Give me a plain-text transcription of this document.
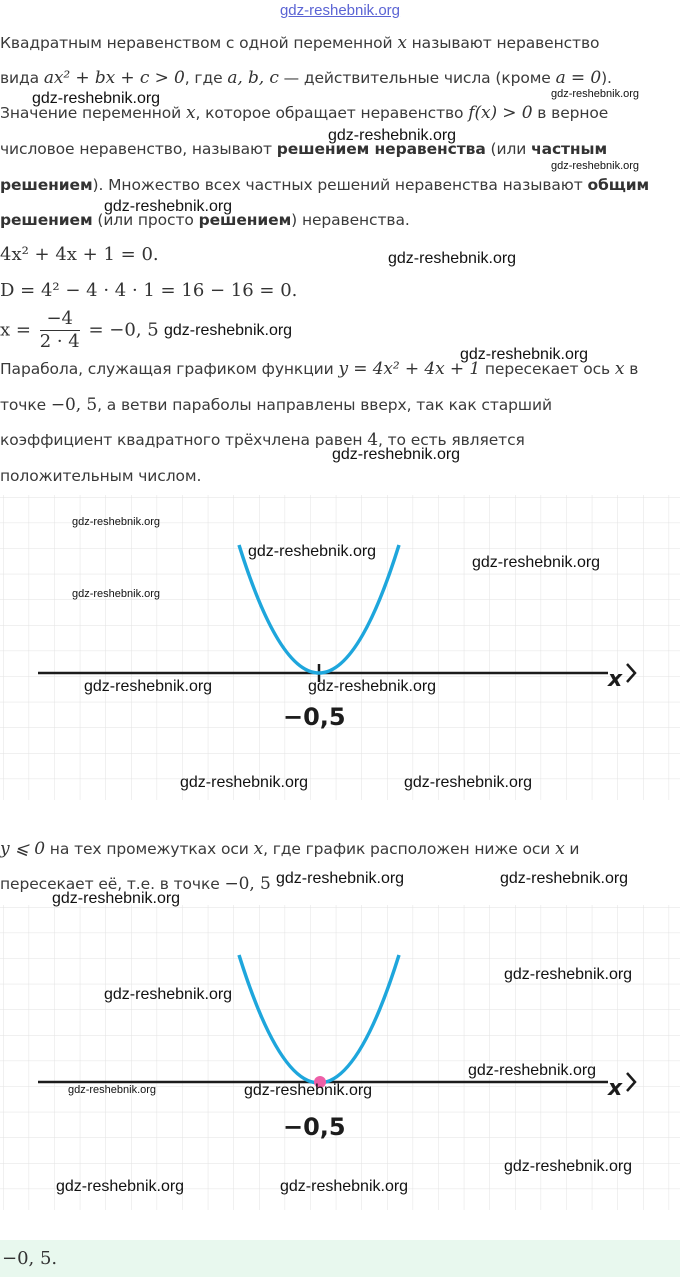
gdz-reshebnik.org
Квадратным неравенством с одной переменной x называют неравенство
вида ax² + bx + c > 0, где a, b, c — действительные числа (кроме a = 0).
Значение переменной x, которое обращает неравенство f(x) > 0 в верное
числовое неравенство, называют решением неравенства (или частным
решением). Множество всех частных решений неравенства называют общим
решением (или просто решением) неравенства.
4x² + 4x + 1 = 0.
D = 4² − 4 · 4 · 1 = 16 − 16 = 0.
$x = \frac{-4}{2 \cdot 4} = -0$, 5
Парабола, служащая графиком функции y = 4x² + 4x + 1 пересекает ось x в
точке −0, 5, а ветви параболы направлены вверх, так как старший
коэффициент квадратного трёхчлена равен 4, то есть является
положительным числом.
x
−0,5
y ⩽ 0 на тех промежутках оси x, где график расположен ниже оси x и
пересекает её, т.е. в точке −0, 5
x
−0,5
−0, 5.
gdz-reshebnik.org	gdz-reshebnik.org
gdz-reshebnik.org
gdz-reshebnik.org
gdz-reshebnik.org
gdz-reshebnik.org
gdz-reshebnik.org
gdz-reshebnik.org
gdz-reshebnik.org
gdz-reshebnik.org
gdz-reshebnik.org
gdz-reshebnik.org
gdz-reshebnik.org
gdz-reshebnik.org	gdz-reshebnik.org
gdz-reshebnik.org	gdz-reshebnik.org
gdz-reshebnik.org	gdz-reshebnik.org
gdz-reshebnik.org
gdz-reshebnik.org
gdz-reshebnik.org
gdz-reshebnik.org
gdz-reshebnik.org	gdz-reshebnik.org
gdz-reshebnik.org
gdz-reshebnik.org	gdz-reshebnik.org
